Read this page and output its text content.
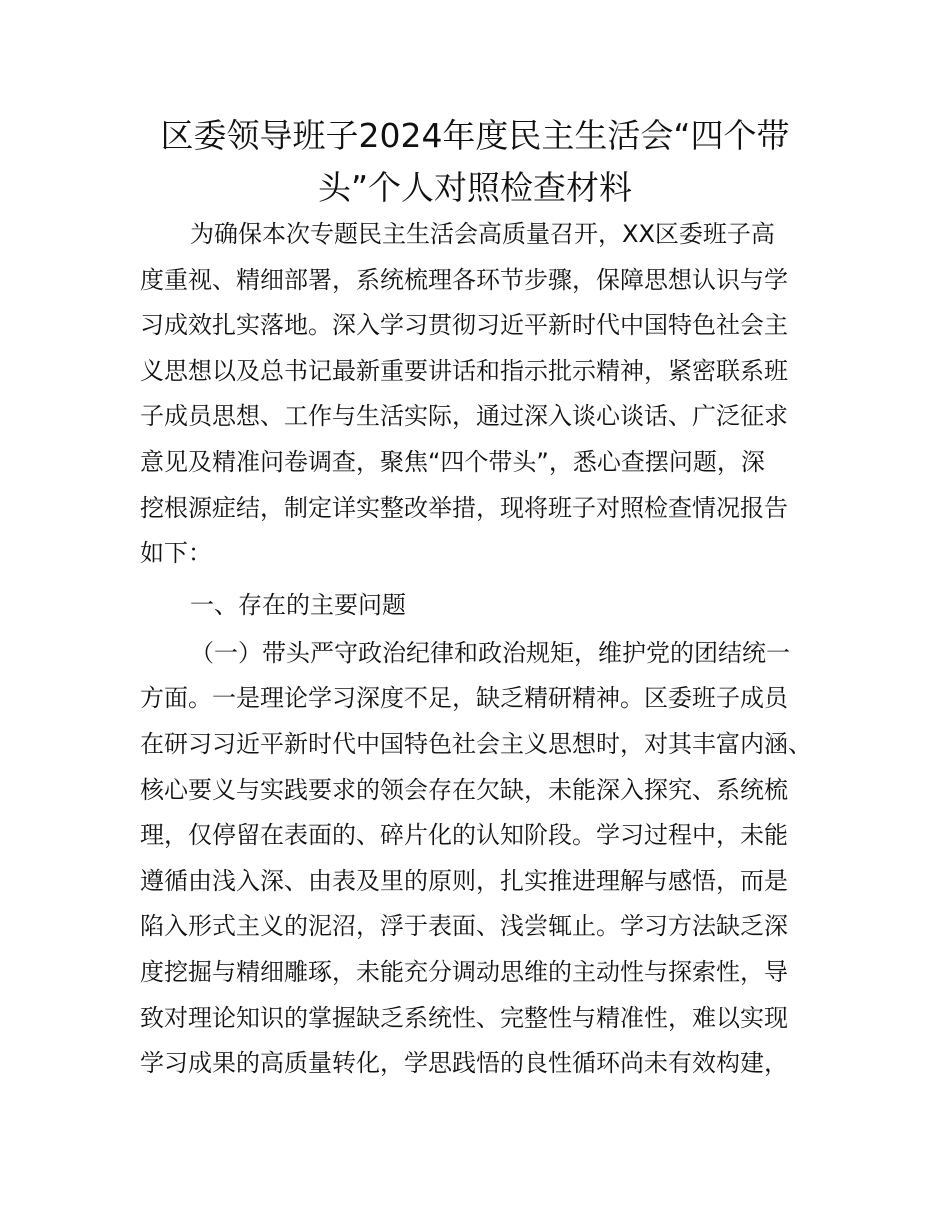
区委领导班子2024年度民主生活会“四个带
头”个人对照检查材料
为确保本次专题民主生活会高质量召开，XX区委班子高
度重视、精细部署，系统梳理各环节步骤，保障思想认识与学
习成效扎实落地。深入学习贯彻习近平新时代中国特色社会主
义思想以及总书记最新重要讲话和指示批示精神，紧密联系班
子成员思想、工作与生活实际，通过深入谈心谈话、广泛征求
意见及精准问卷调查，聚焦“四个带头”，悉心查摆问题，深
挖根源症结，制定详实整改举措，现将班子对照检查情况报告
如下：
一、存在的主要问题
（一）带头严守政治纪律和政治规矩，维护党的团结统一
方面。一是理论学习深度不足，缺乏精研精神。区委班子成员
在研习习近平新时代中国特色社会主义思想时，对其丰富内涵、
核心要义与实践要求的领会存在欠缺，未能深入探究、系统梳
理，仅停留在表面的、碎片化的认知阶段。学习过程中，未能
遵循由浅入深、由表及里的原则，扎实推进理解与感悟，而是
陷入形式主义的泥沼，浮于表面、浅尝辄止。学习方法缺乏深
度挖掘与精细雕琢，未能充分调动思维的主动性与探索性，导
致对理论知识的掌握缺乏系统性、完整性与精准性，难以实现
学习成果的高质量转化，学思践悟的良性循环尚未有效构建，
